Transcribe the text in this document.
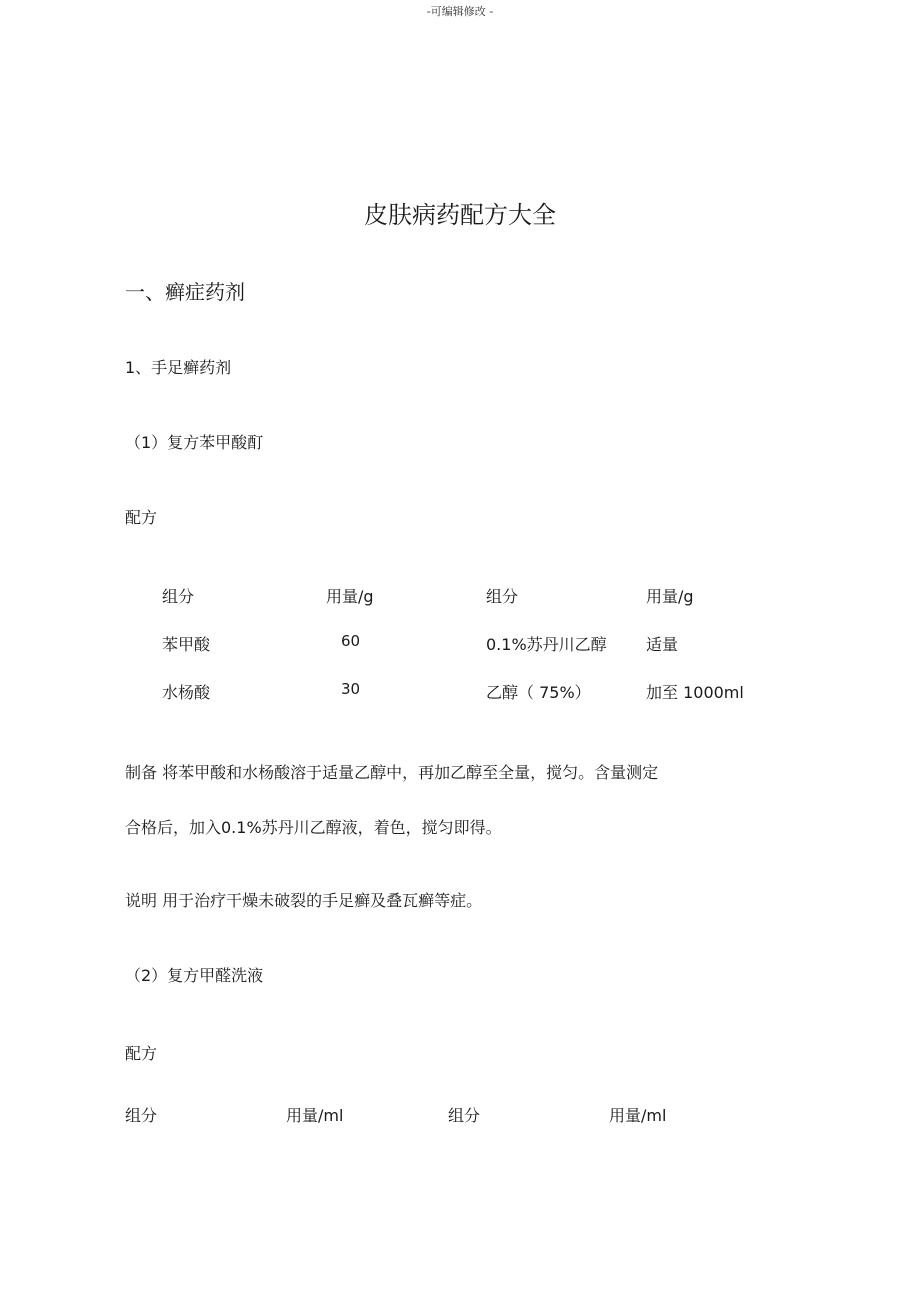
-可编辑修改 -
皮肤病药配方大全
一、癣症药剂
1、手足癣药剂
（1）复方苯甲酸酊
配方
组分	用量/g	组分	用量/g
苯甲酸	60	0.1%苏丹川乙醇 适量
水杨酸	30	乙醇（ 75%）	加至 1000ml
制备 将苯甲酸和水杨酸溶于适量乙醇中，再加乙醇至全量，搅匀。含量测定
合格后，加入0.1%苏丹川乙醇液，着色，搅匀即得。
说明 用于治疗干燥未破裂的手足癣及叠瓦癣等症。
（2）复方甲醛洗液
配方
组分	用量/ml	组分	用量/ml
